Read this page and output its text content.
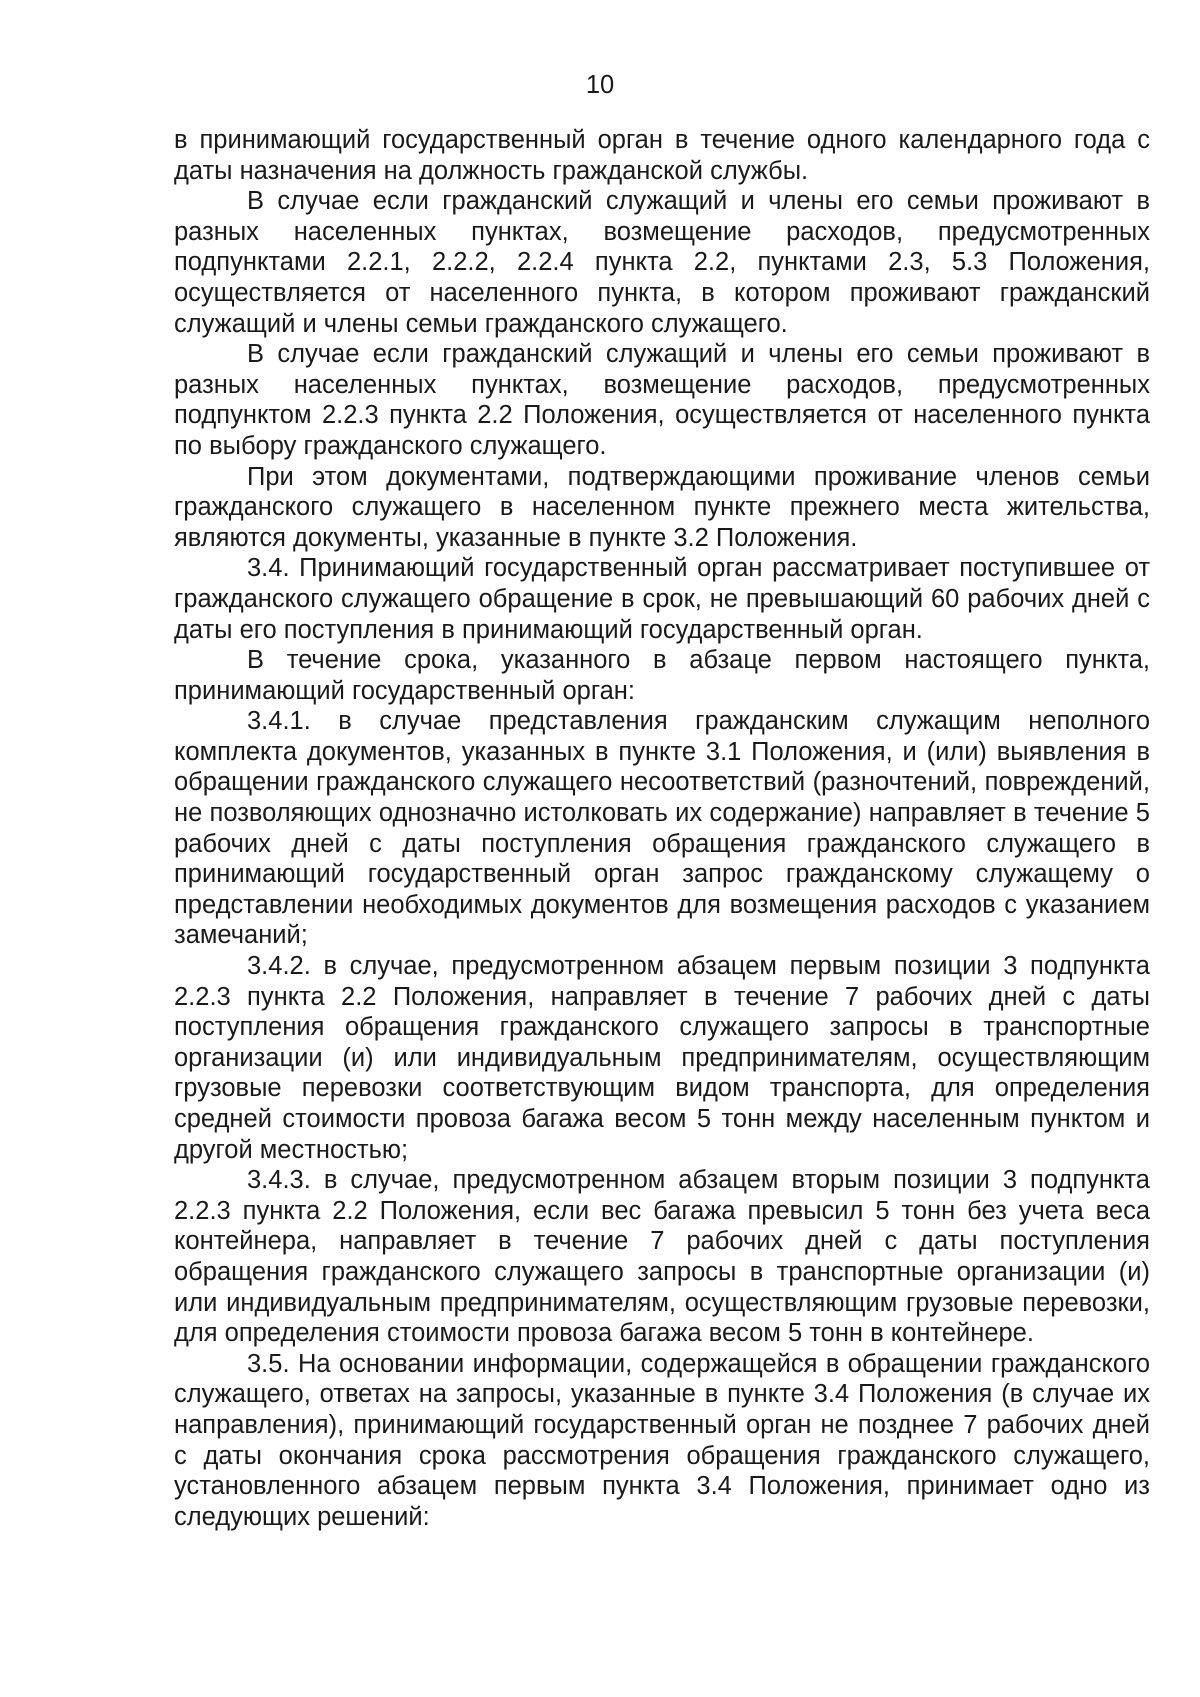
10

в принимающий государственный орган в течение одного календарного года с даты назначения на должность гражданской службы.

В случае если гражданский служащий и члены его семьи проживают в разных населенных пунктах, возмещение расходов, предусмотренных подпунктами 2.2.1, 2.2.2, 2.2.4 пункта 2.2, пунктами 2.3, 5.3 Положения, осуществляется от населенного пункта, в котором проживают гражданский служащий и члены семьи гражданского служащего.

В случае если гражданский служащий и члены его семьи проживают в разных населенных пунктах, возмещение расходов, предусмотренных подпунктом 2.2.3 пункта 2.2 Положения, осуществляется от населенного пункта по выбору гражданского служащего.

При этом документами, подтверждающими проживание членов семьи гражданского служащего в населенном пункте прежнего места жительства, являются документы, указанные в пункте 3.2 Положения.

3.4. Принимающий государственный орган рассматривает поступившее от гражданского служащего обращение в срок, не превышающий 60 рабочих дней с даты его поступления в принимающий государственный орган.

В течение срока, указанного в абзаце первом настоящего пункта, принимающий государственный орган:

3.4.1. в случае представления гражданским служащим неполного комплекта документов, указанных в пункте 3.1 Положения, и (или) выявления в обращении гражданского служащего несоответствий (разночтений, повреждений, не позволяющих однозначно истолковать их содержание) направляет в течение 5 рабочих дней с даты поступления обращения гражданского служащего в принимающий государственный орган запрос гражданскому служащему о представлении необходимых документов для возмещения расходов с указанием замечаний;

3.4.2. в случае, предусмотренном абзацем первым позиции 3 подпункта 2.2.3 пункта 2.2 Положения, направляет в течение 7 рабочих дней с даты поступления обращения гражданского служащего запросы в транспортные организации (и) или индивидуальным предпринимателям, осуществляющим грузовые перевозки соответствующим видом транспорта, для определения средней стоимости провоза багажа весом 5 тонн между населенным пунктом и другой местностью;

3.4.3. в случае, предусмотренном абзацем вторым позиции 3 подпункта 2.2.3 пункта 2.2 Положения, если вес багажа превысил 5 тонн без учета веса контейнера, направляет в течение 7 рабочих дней с даты поступления обращения гражданского служащего запросы в транспортные организации (и) или индивидуальным предпринимателям, осуществляющим грузовые перевозки, для определения стоимости провоза багажа весом 5 тонн в контейнере.

3.5. На основании информации, содержащейся в обращении гражданского служащего, ответах на запросы, указанные в пункте 3.4 Положения (в случае их направления), принимающий государственный орган не позднее 7 рабочих дней с даты окончания срока рассмотрения обращения гражданского служащего, установленного абзацем первым пункта 3.4 Положения, принимает одно из следующих решений:
